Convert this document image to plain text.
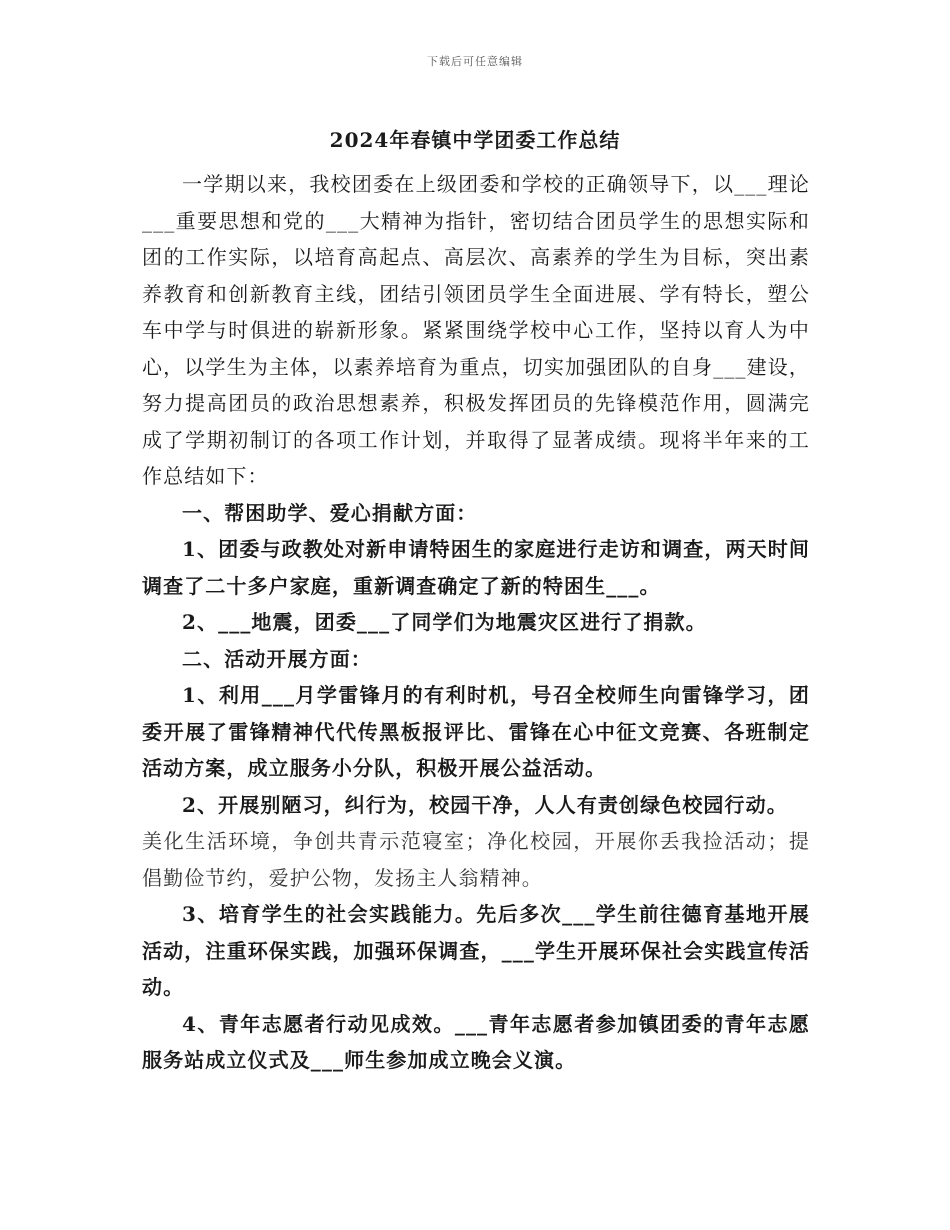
下载后可任意编辑
2024年春镇中学团委工作总结

一学期以来，我校团委在上级团委和学校的正确领导下，以___理论___重要思想和党的___大精神为指针，密切结合团员学生的思想实际和团的工作实际，以培育高起点、高层次、高素养的学生为目标，突出素养教育和创新教育主线，团结引领团员学生全面进展、学有特长，塑公车中学与时俱进的崭新形象。紧紧围绕学校中心工作，坚持以育人为中心，以学生为主体，以素养培育为重点，切实加强团队的自身___建设，努力提高团员的政治思想素养，积极发挥团员的先锋模范作用，圆满完成了学期初制订的各项工作计划，并取得了显著成绩。现将半年来的工作总结如下：

一、帮困助学、爱心捐献方面：

1、团委与政教处对新申请特困生的家庭进行走访和调查，两天时间调查了二十多户家庭，重新调查确定了新的特困生___。

2、___地震，团委___了同学们为地震灾区进行了捐款。

二、活动开展方面：

1、利用___月学雷锋月的有利时机，号召全校师生向雷锋学习，团委开展了雷锋精神代代传黑板报评比、雷锋在心中征文竞赛、各班制定活动方案，成立服务小分队，积极开展公益活动。

2、开展别陋习，纠行为，校园干净，人人有责创绿色校园行动。

美化生活环境，争创共青示范寝室；净化校园，开展你丢我捡活动；提倡勤俭节约，爱护公物，发扬主人翁精神。

3、培育学生的社会实践能力。先后多次___学生前往德育基地开展活动，注重环保实践，加强环保调查，___学生开展环保社会实践宣传活动。

4、青年志愿者行动见成效。___青年志愿者参加镇团委的青年志愿服务站成立仪式及___师生参加成立晚会义演。
